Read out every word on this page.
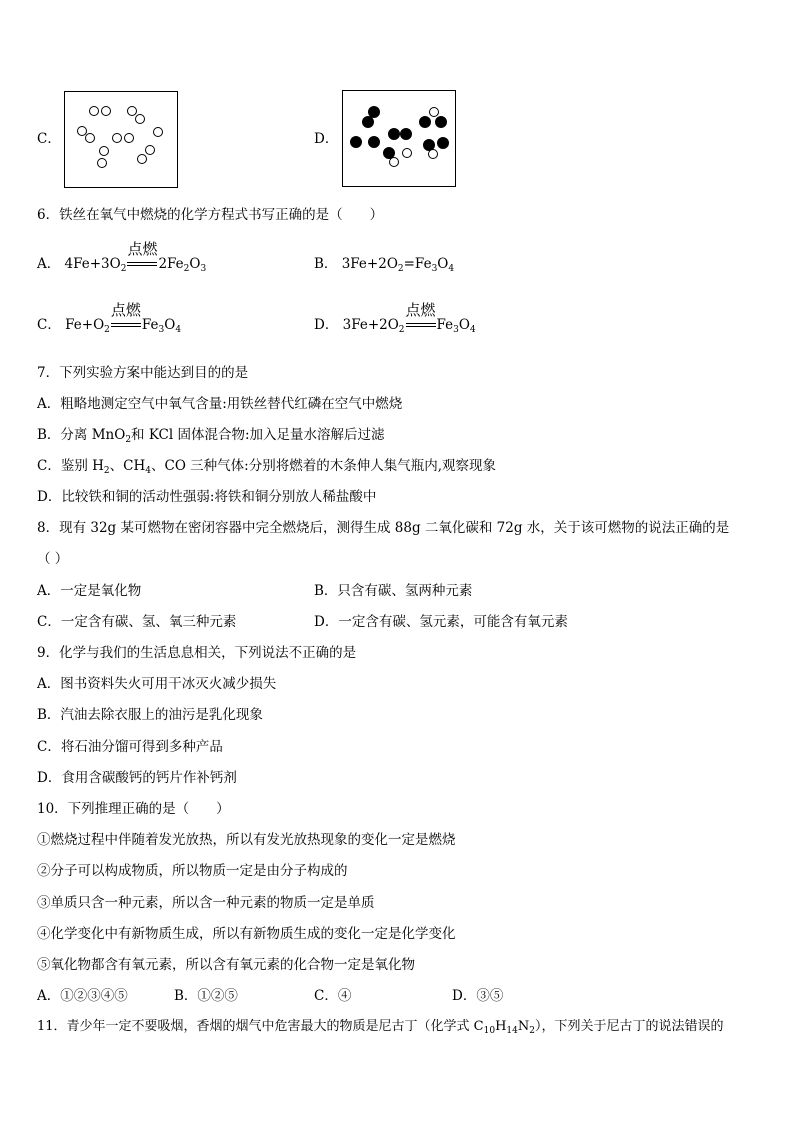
C．	D．
6．铁丝在氧气中燃烧的化学方程式书写正确的是（　　）
A． $4Fe+3O_2$
点燃
$2Fe_2O_3$	B． $3Fe+2O_2=Fe_3O_4$
C． $Fe+O_2$
点燃
$Fe_3O_4$	D． $3Fe+2O_2$
点燃
$Fe_3O_4$
7．下列实验方案中能达到目的的是
A．粗略地测定空气中氧气含量:用铁丝替代红磷在空气中燃烧
B．分离 MnO$_2$和 KCl 固体混合物:加入足量水溶解后过滤
C．鉴别 $H_2$、$CH_4$、CO 三种气体:分别将燃着的木条伸人集气瓶内,观察现象
D．比较铁和铜的活动性强弱:将铁和铜分别放人稀盐酸中
8．现有 32g 某可燃物在密闭容器中完全燃烧后，测得生成 88g 二氧化碳和 72g 水，关于该可燃物的说法正确的是
（ ）
A．一定是氧化物	B．只含有碳、氢两种元素
C．一定含有碳、氢、氧三种元素	D．一定含有碳、氢元素，可能含有氧元素
9．化学与我们的生活息息相关，下列说法不正确的是
A．图书资料失火可用干冰灭火减少损失
B．汽油去除衣服上的油污是乳化现象
C．将石油分馏可得到多种产品
D．食用含碳酸钙的钙片作补钙剂
10．下列推理正确的是（　　）
①燃烧过程中伴随着发光放热，所以有发光放热现象的变化一定是燃烧
②分子可以构成物质，所以物质一定是由分子构成的
③单质只含一种元素，所以含一种元素的物质一定是单质
④化学变化中有新物质生成，所以有新物质生成的变化一定是化学变化
⑤氧化物都含有氧元素，所以含有氧元素的化合物一定是氧化物
A．①②③④⑤	B．①②⑤	C．④	D．③⑤
11．青少年一定不要吸烟，香烟的烟气中危害最大的物质是尼古丁（化学式 $C_{10}H_{14}N_2$），下列关于尼古丁的说法错误的
